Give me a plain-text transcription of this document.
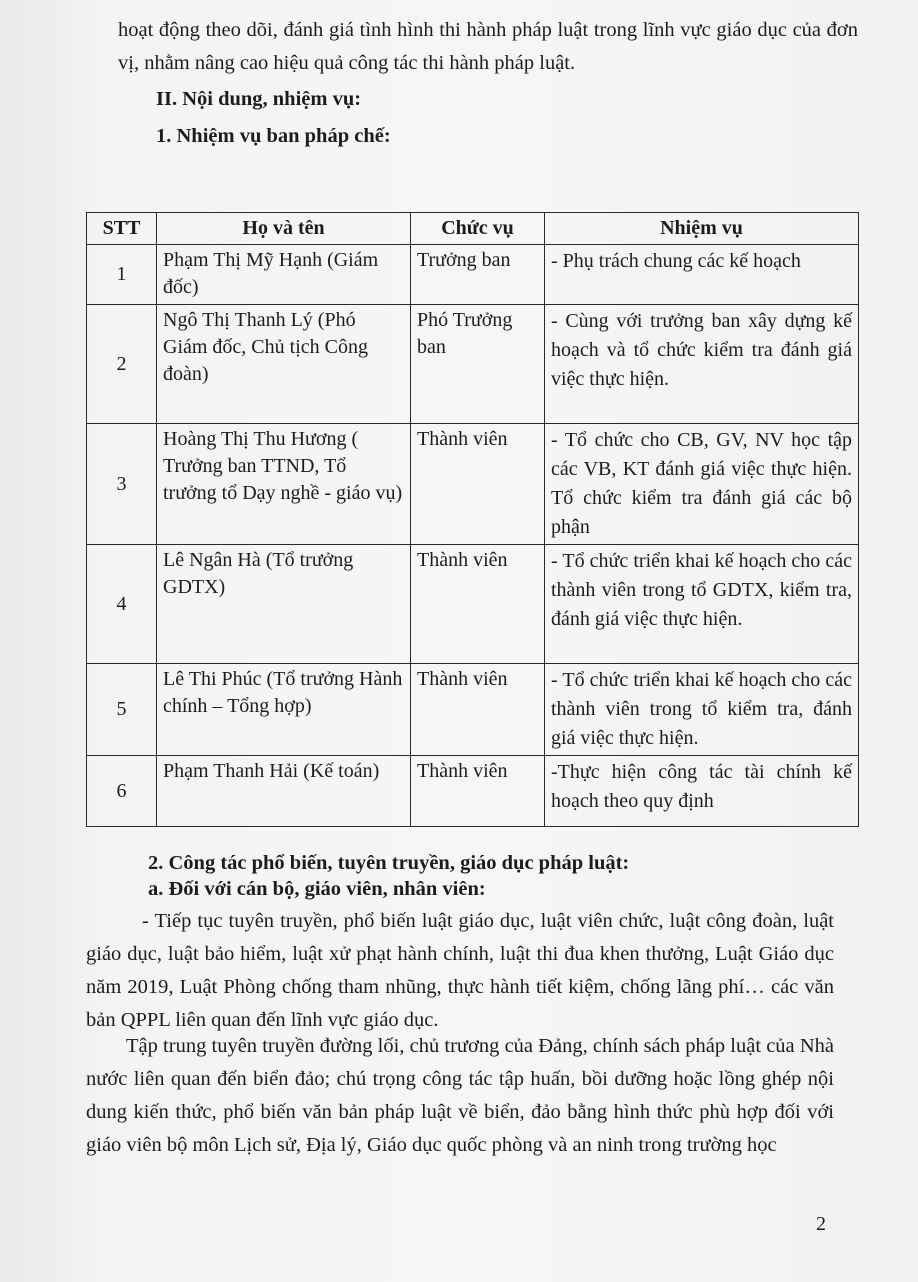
hoạt động theo dõi, đánh giá tình hình thi hành pháp luật trong lĩnh vực giáo dục của đơn vị, nhằm nâng cao hiệu quả công tác thi hành pháp luật.

II. Nội dung, nhiệm vụ:
1. Nhiệm vụ ban pháp chế:
STT	Họ và tên	Chức vụ	Nhiệm vụ
1	Phạm Thị Mỹ Hạnh (Giám đốc)	Trưởng ban	- Phụ trách chung các kế hoạch
2	Ngô Thị Thanh Lý (Phó Giám đốc, Chủ tịch Công đoàn)	Phó Trưởng ban	- Cùng với trưởng ban xây dựng kế hoạch và tổ chức kiểm tra đánh giá việc thực hiện.
3	Hoàng Thị Thu Hương ( Trưởng ban TTND, Tổ trưởng tổ Dạy nghề - giáo vụ)	Thành viên	- Tổ chức cho CB, GV, NV học tập các VB, KT đánh giá việc thực hiện. Tổ chức kiểm tra đánh giá các bộ phận
4	Lê Ngân Hà (Tổ trưởng GDTX)	Thành viên	- Tổ chức triển khai kế hoạch cho các thành viên trong tổ GDTX, kiểm tra, đánh giá việc thực hiện.
5	Lê Thi Phúc (Tổ trưởng Hành chính – Tổng hợp)	Thành viên	- Tổ chức triển khai kế hoạch cho các thành viên trong tổ kiểm tra, đánh giá việc thực hiện.
6	Phạm Thanh Hải (Kế toán)	Thành viên	-Thực hiện công tác tài chính kế hoạch theo quy định
2. Công tác phổ biến, tuyên truyền, giáo dục pháp luật:
a. Đối với cán bộ, giáo viên, nhân viên:

- Tiếp tục tuyên truyền, phổ biến luật giáo dục, luật viên chức, luật công đoàn, luật giáo dục, luật bảo hiểm, luật xử phạt hành chính, luật thi đua khen thưởng, Luật Giáo dục năm 2019, Luật Phòng chống tham nhũng, thực hành tiết kiệm, chống lãng phí… các văn bản QPPL liên quan đến lĩnh vực giáo dục.

Tập trung tuyên truyền đường lối, chủ trương của Đảng, chính sách pháp luật của Nhà nước liên quan đến biển đảo; chú trọng công tác tập huấn, bồi dưỡng hoặc lồng ghép nội dung kiến thức, phổ biến văn bản pháp luật về biển, đảo bằng hình thức phù hợp đối với giáo viên bộ môn Lịch sử, Địa lý, Giáo dục quốc phòng và an ninh trong trường học

2
